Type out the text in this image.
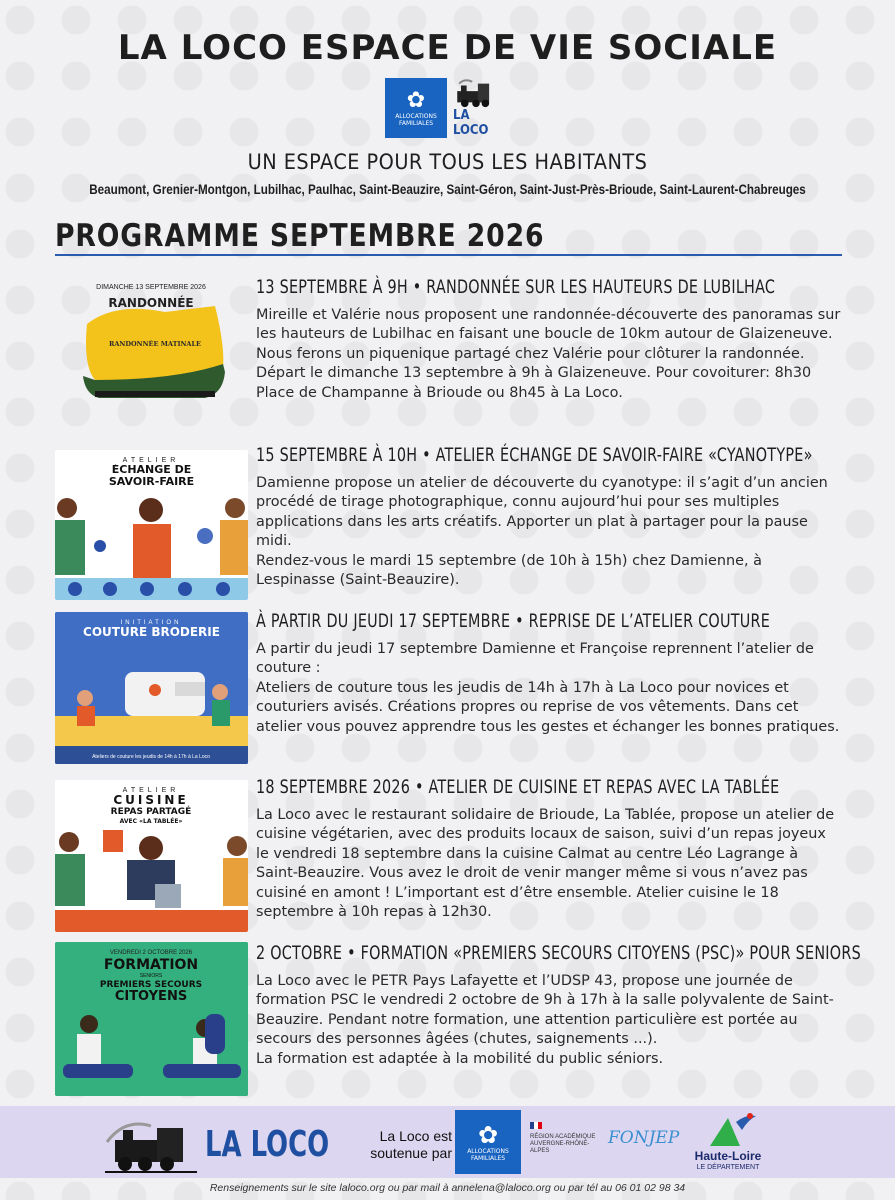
LA LOCO ESPACE DE VIE SOCIALE
✿
ALLOCATIONS FAMILIALES
LA LOCO
UN ESPACE POUR TOUS LES HABITANTS
Beaumont, Grenier-Montgon, Lubilhac, Paulhac, Saint-Beauzire, Saint-Géron, Saint-Just-Près-Brioude, Saint-Laurent-Chabreuges
PROGRAMME SEPTEMBRE 2026
DIMANCHE 13 SEPTEMBRE 2026
RANDONNÉE
RANDONNÉE MATINALE
13 SEPTEMBRE À 9H • RANDONNÉE SUR LES HAUTEURS DE LUBILHAC

Mireille et Valérie nous proposent une randonnée-découverte des panoramas sur les hauteurs de Lubilhac en faisant une boucle de 10km autour de Glaizeneuve. Nous ferons un piquenique partagé chez Valérie pour clôturer la randonnée.

Départ le dimanche 13 septembre à 9h à Glaizeneuve. Pour covoiturer: 8h30 Place de Champanne à Brioude ou 8h45 à La Loco.

ATELIER
ÉCHANGE DE SAVOIR-FAIRE
15 SEPTEMBRE À 10H • ATELIER ÉCHANGE DE SAVOIR-FAIRE «CYANOTYPE»

Damienne propose un atelier de découverte du cyanotype: il s’agit d’un ancien procédé de tirage photographique, connu aujourd’hui pour ses multiples applications dans les arts créatifs. Apporter un plat à partager pour la pause midi.

Rendez-vous le mardi 15 septembre (de 10h à 15h) chez Damienne, à Lespinasse (Saint-Beauzire).

INITIATION
COUTURE BRODERIE
Ateliers de couture les jeudis de 14h à 17h à La Loco
À PARTIR DU JEUDI 17 SEPTEMBRE • REPRISE DE L’ATELIER COUTURE

A partir du jeudi 17 septembre Damienne et Françoise reprennent l’atelier de couture :

Ateliers de couture tous les jeudis de 14h à 17h à La Loco pour novices et couturiers avisés. Créations propres ou reprise de vos vêtements. Dans cet atelier vous pouvez apprendre tous les gestes et échanger les bonnes pratiques.

ATELIER
CUISINE
REPAS PARTAGÉ
AVEC «LA TABLÉE»
18 SEPTEMBRE 2026 • ATELIER DE CUISINE ET REPAS AVEC LA TABLÉE

La Loco avec le restaurant solidaire de Brioude, La Tablée, propose un atelier de cuisine végétarien, avec des produits locaux de saison, suivi d’un repas joyeux le vendredi 18 septembre dans la cuisine Calmat au centre Léo Lagrange à Saint-Beauzire. Vous avez le droit de venir manger même si vous n’avez pas cuisiné en amont ! L’important est d’être ensemble. Atelier cuisine le 18 septembre à 10h repas à 12h30.

VENDREDI 2 OCTOBRE 2026
FORMATION
SENIORS
PREMIERS SECOURS
CITOYENS
2 OCTOBRE • FORMATION «PREMIERS SECOURS CITOYENS (PSC)» POUR SENIORS

La Loco avec le PETR Pays Lafayette et l’UDSP 43, propose une journée de formation PSC le vendredi 2 octobre de 9h à 17h à la salle polyvalente de Saint-Beauzire. Pendant notre formation, une attention particulière est portée au secours des personnes âgées (chutes, saignements ...).

La formation est adaptée à la mobilité du public séniors.

LA LOCO	La Loco est soutenue par
✿
ALLOCATIONS FAMILIALES

RÉGION ACADÉMIQUE AUVERGNE-RHÔNE-ALPES
FONJEP
Haute-Loire
LE DÉPARTEMENT
Renseignements sur le site laloco.org ou par mail à annelena@laloco.org ou par tél au 06 01 02 98 34
